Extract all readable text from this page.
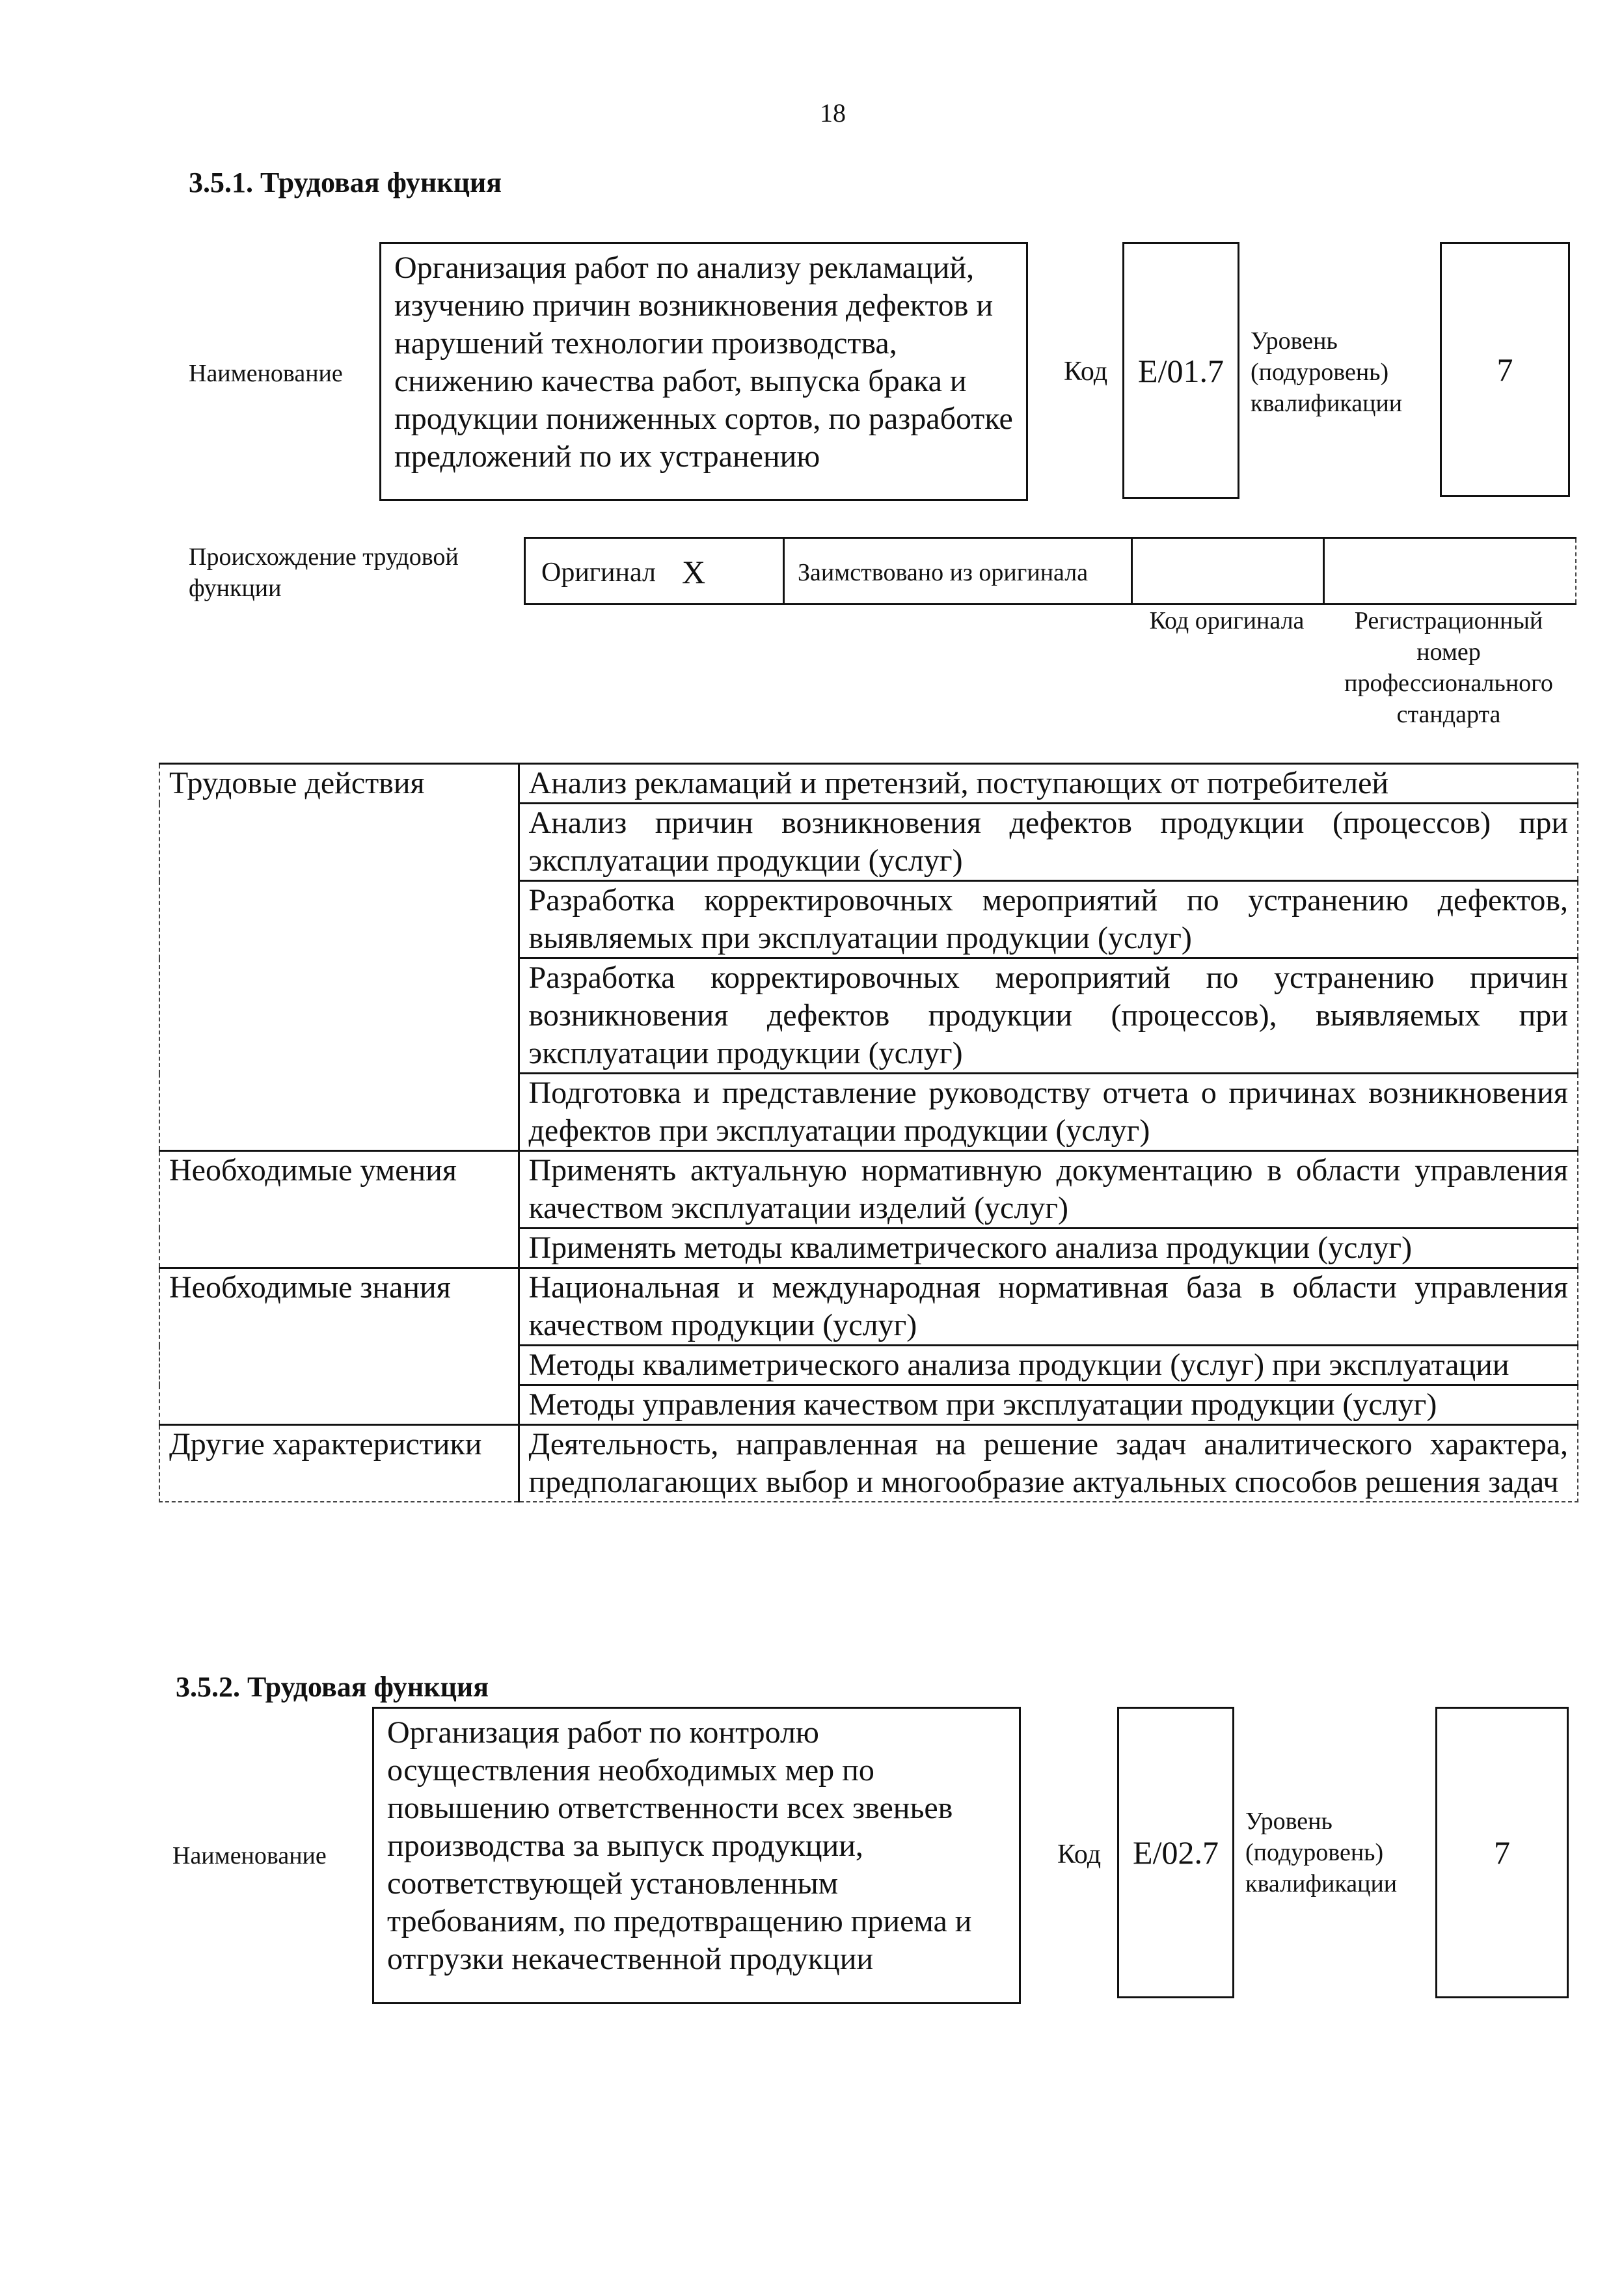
18
3.5.1. Трудовая функция
Наименование
Организация работ по анализу рекламаций, изучению причин возникновения дефектов и нарушений технологии производства, снижению качества работ, выпуска брака и продукции пониженных сортов, по разработке предложений по их устранению
Код E/01.7
Уровень (подуровень) квалификации
7
Происхождение трудовой функции
Оригинал X	Заимствовано из оригинала
Код оригинала	Регистрационный номер профессионального стандарта
Трудовые действия	Анализ рекламаций и претензий, поступающих от потребителей
	Анализ причин возникновения дефектов продукции (процессов) при эксплуатации продукции (услуг)
	Разработка корректировочных мероприятий по устранению дефектов, выявляемых при эксплуатации продукции (услуг)
	Разработка корректировочных мероприятий по устранению причин возникновения дефектов продукции (процессов), выявляемых при эксплуатации продукции (услуг)
	Подготовка и представление руководству отчета о причинах возникновения дефектов при эксплуатации продукции (услуг)
Необходимые умения	Применять актуальную нормативную документацию в области управления качеством эксплуатации изделий (услуг)
	Применять методы квалиметрического анализа продукции (услуг)
Необходимые знания	Национальная и международная нормативная база в области управления качеством продукции (услуг)
	Методы квалиметрического анализа продукции (услуг) при эксплуатации
	Методы управления качеством при эксплуатации продукции (услуг)
Другие характеристики	Деятельность, направленная на решение задач аналитического характера, предполагающих выбор и многообразие актуальных способов решения задач
3.5.2. Трудовая функция
Наименование
Организация работ по контролю осуществления необходимых мер по повышению ответственности всех звеньев производства за выпуск продукции, соответствующей установленным требованиям, по предотвращению приема и отгрузки некачественной продукции
Код E/02.7
Уровень (подуровень) квалификации
7
